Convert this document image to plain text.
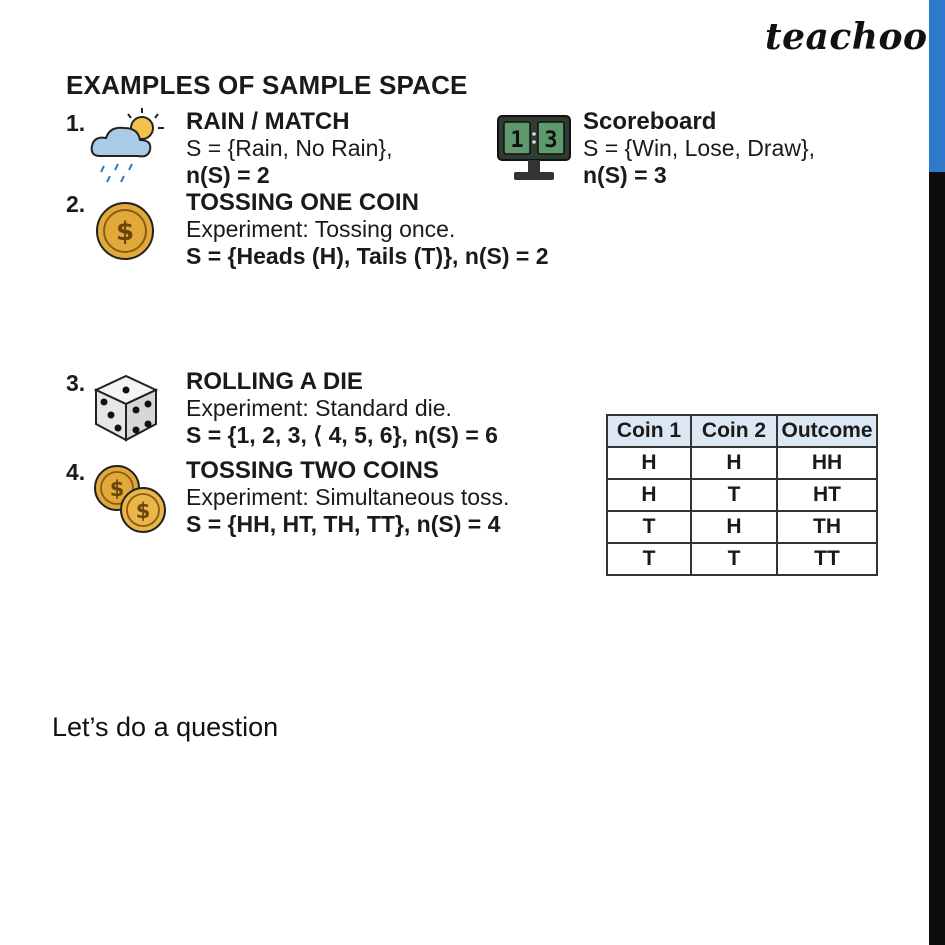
teachoo
EXAMPLES OF SAMPLE SPACE
1.	RAIN / MATCH
S = {Rain, No Rain},
n(S) = 2
1 3
Scoreboard
S = {Win, Lose, Draw},
n(S) = 3
2.
$
TOSSING ONE COIN
Experiment: Tossing once.
S = {Heads (H), Tails (T)}, n(S) = 2
3.	ROLLING A DIE
Experiment: Standard die.
S = {1, 2, 3, ⟨ 4, 5, 6}, n(S) = 6
4.
$
$
TOSSING TWO COINS
Experiment: Simultaneous toss.
S = {HH, HT, TH, TT}, n(S) = 4
Coin 1	Coin 2	Outcome
H	H	HH
H	T	HT
T	H	TH
T	T	TT
Let’s do a question
